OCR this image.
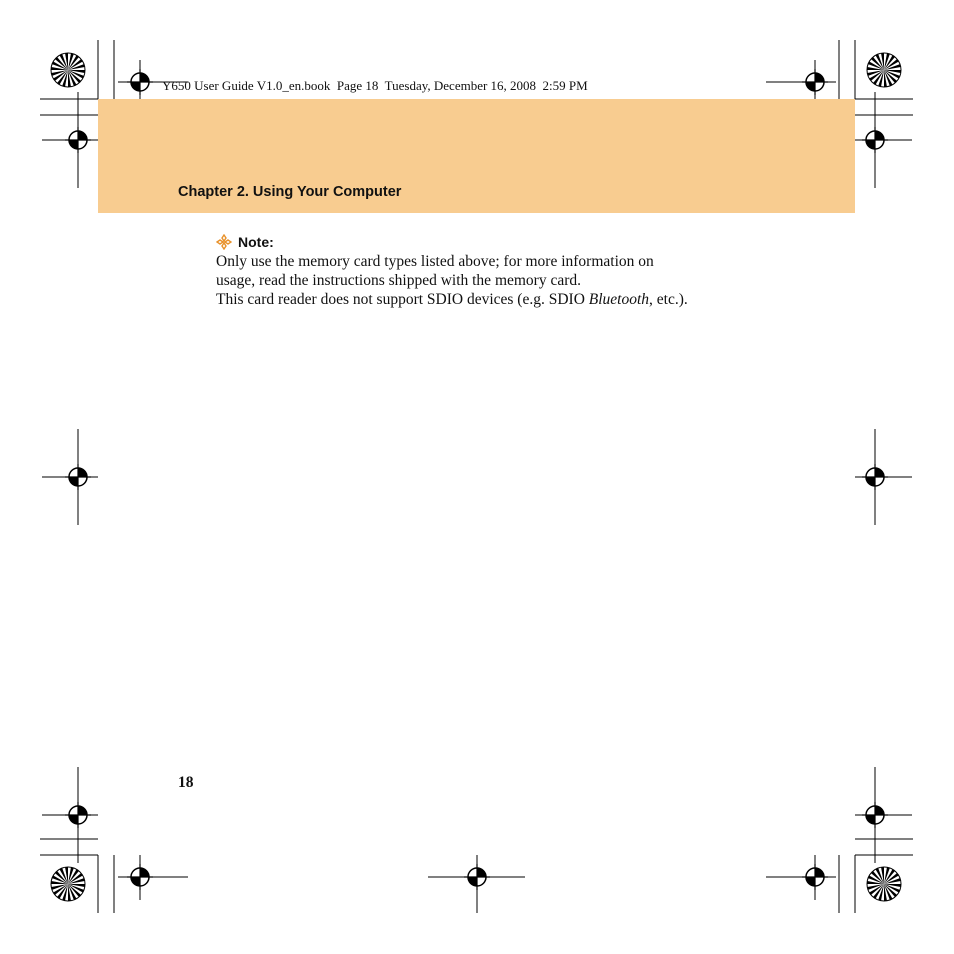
Y650 User Guide V1.0_en.book  Page 18  Tuesday, December 16, 2008  2:59 PM
Chapter 2. Using Your Computer
Note:

Only use the memory card types listed above; for more information on

usage, read the instructions shipped with the memory card.

This card reader does not support SDIO devices (e.g. SDIO Bluetooth, etc.).

18
